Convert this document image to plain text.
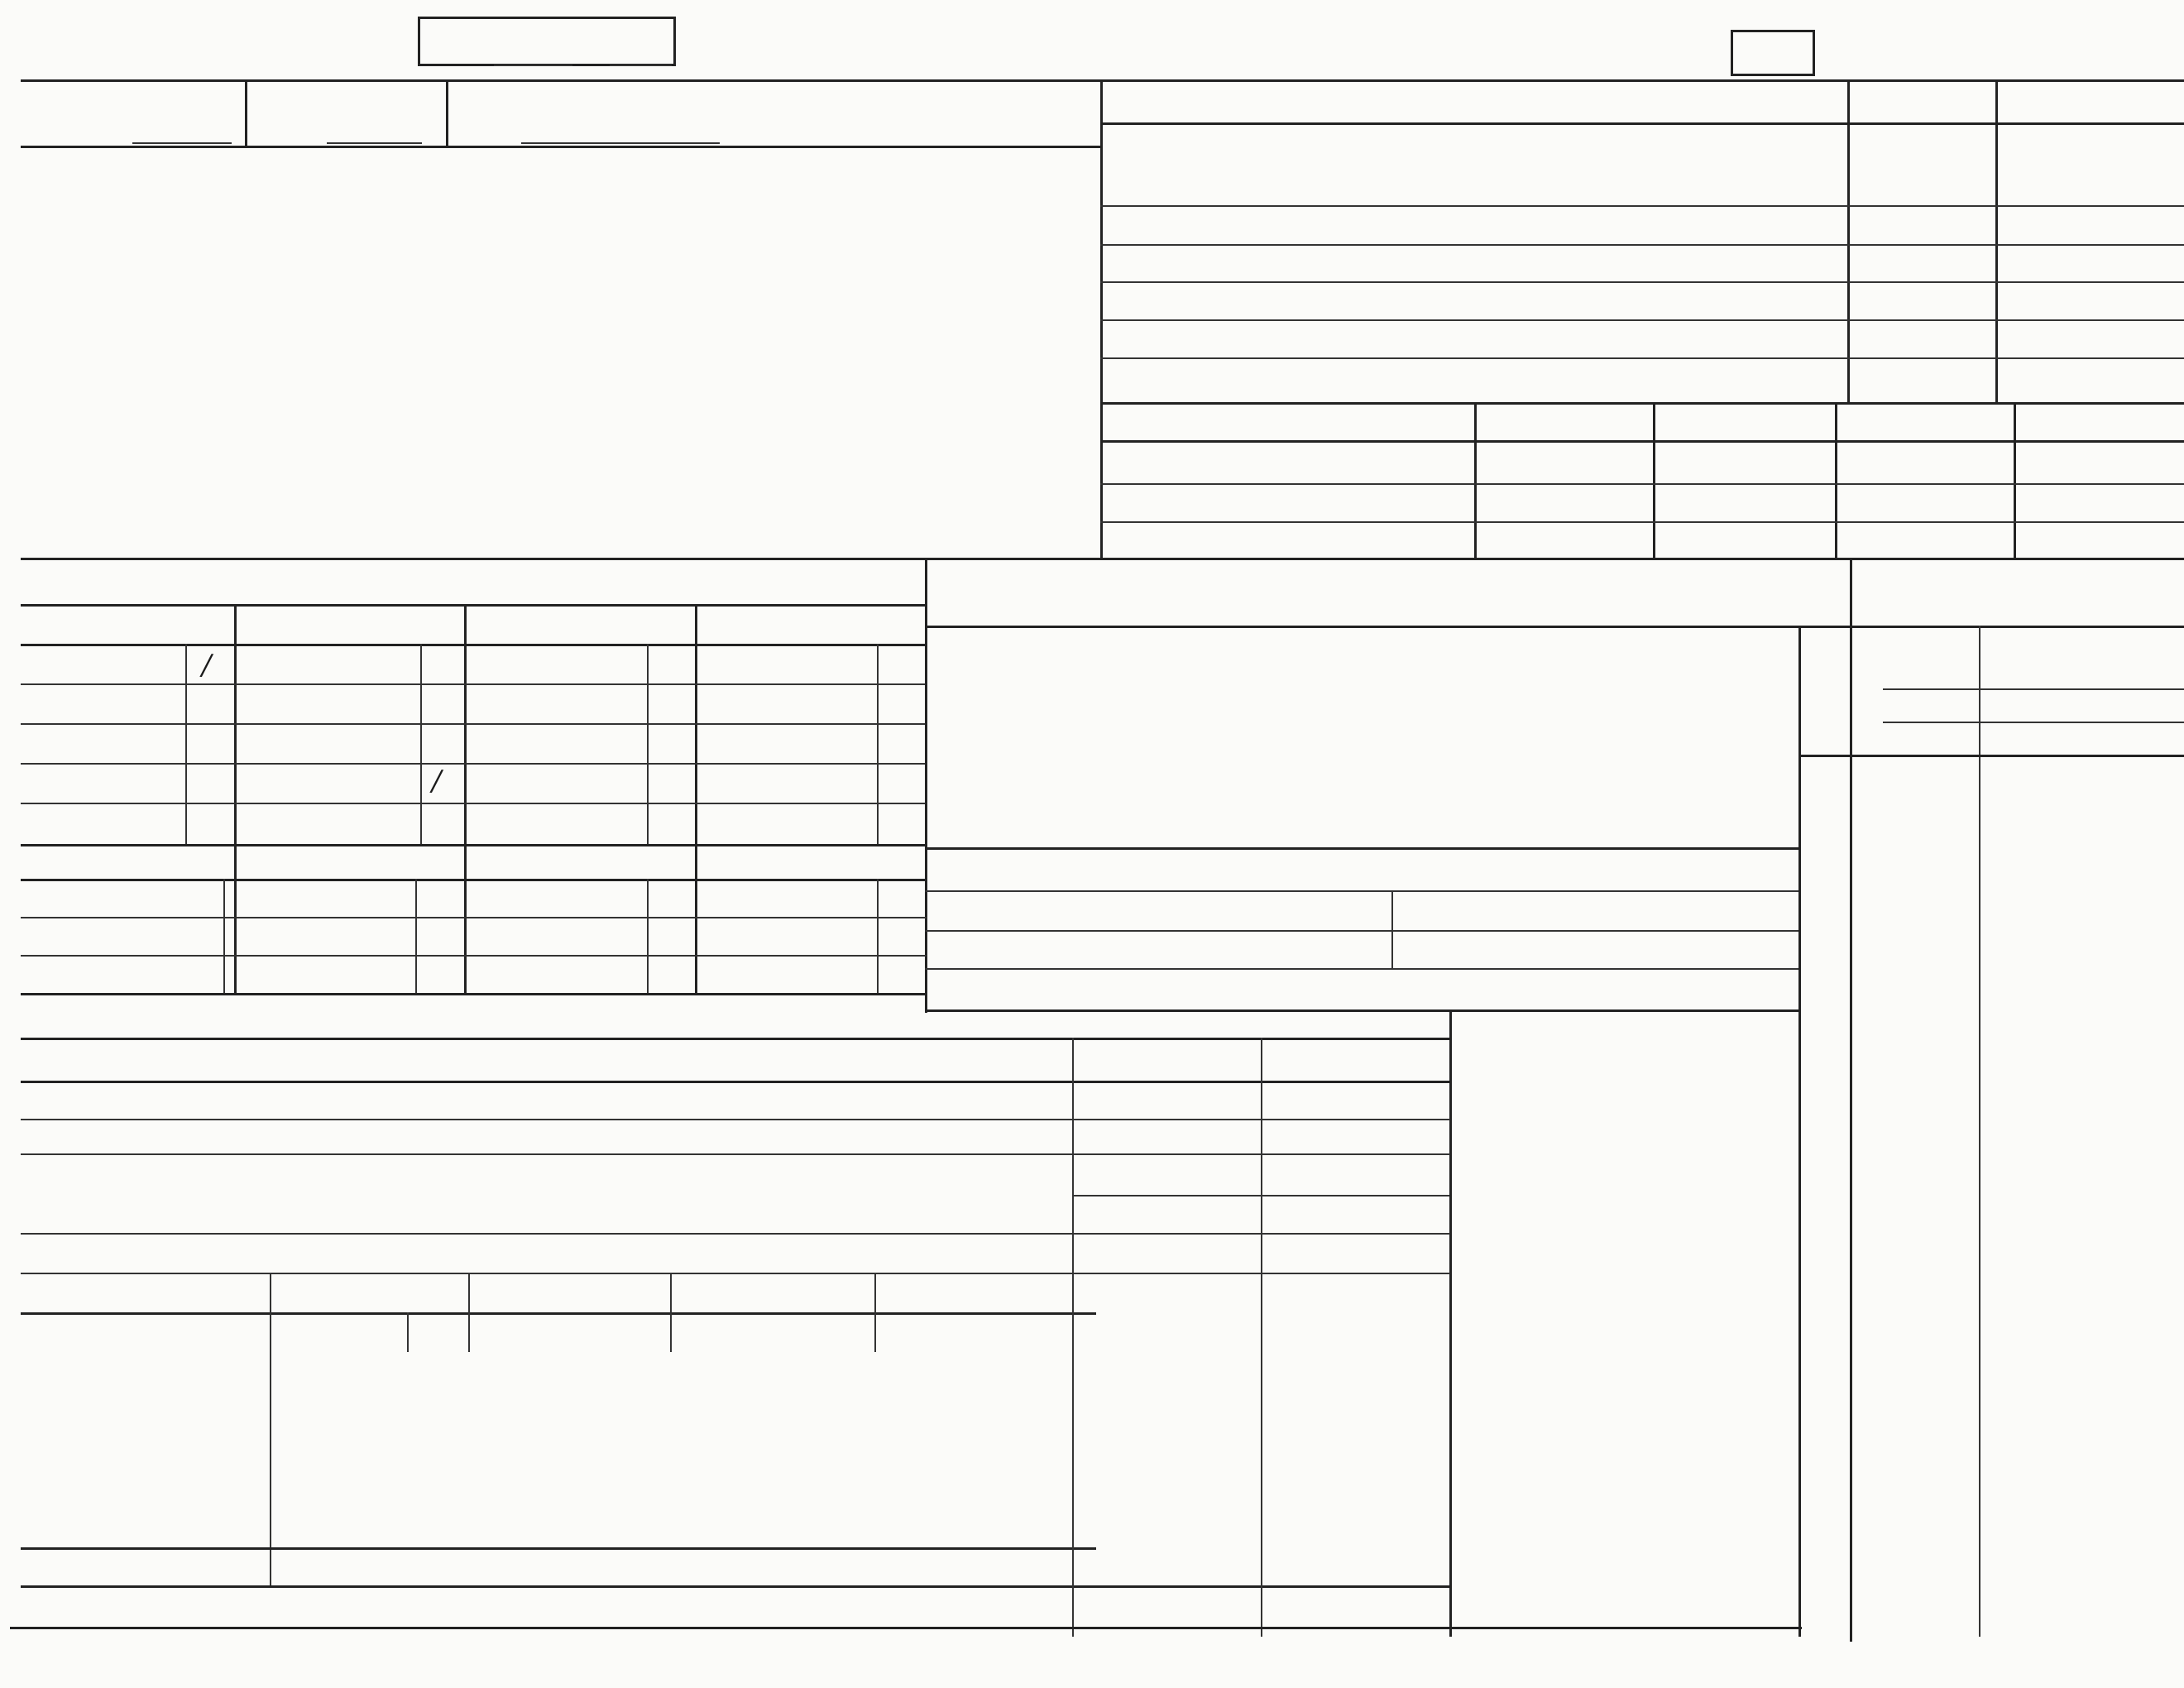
/
/
